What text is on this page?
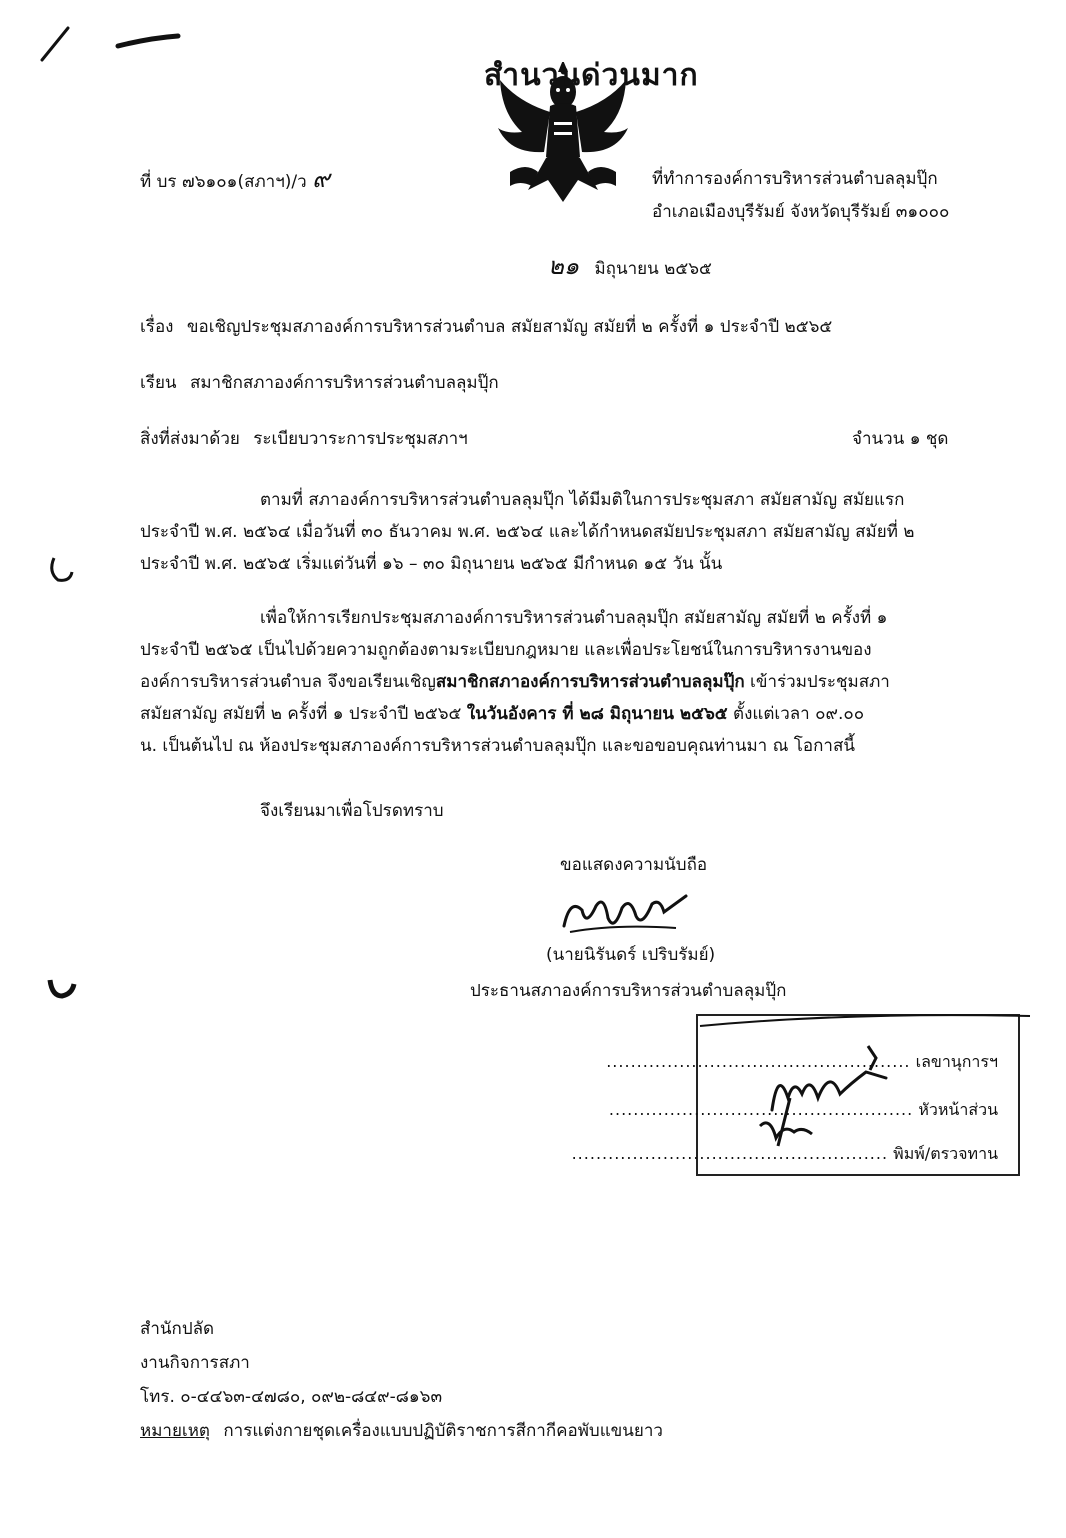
สำนวนด่วนมาก
ที่ บร ๗๖๑๐๑(สภาฯ)/ว ๙	ที่ทำการองค์การบริหารส่วนตำบลลุมปุ๊ก
อำเภอเมืองบุรีรัมย์ จังหวัดบุรีรัมย์ ๓๑๐๐๐
๒๑ มิถุนายน ๒๕๖๕
เรื่อง ขอเชิญประชุมสภาองค์การบริหารส่วนตำบล สมัยสามัญ สมัยที่ ๒ ครั้งที่ ๑ ประจำปี ๒๕๖๕
เรียน สมาชิกสภาองค์การบริหารส่วนตำบลลุมปุ๊ก
สิ่งที่ส่งมาด้วย ระเบียบวาระการประชุมสภาฯ	จำนวน ๑ ชุด
ตามที่ สภาองค์การบริหารส่วนตำบลลุมปุ๊ก ได้มีมติในการประชุมสภา สมัยสามัญ สมัยแรก
ประจำปี พ.ศ. ๒๕๖๔ เมื่อวันที่ ๓๐ ธันวาคม พ.ศ. ๒๕๖๔ และได้กำหนดสมัยประชุมสภา สมัยสามัญ สมัยที่ ๒
ประจำปี พ.ศ. ๒๕๖๕ เริ่มแต่วันที่ ๑๖ – ๓๐ มิถุนายน ๒๕๖๕ มีกำหนด ๑๕ วัน นั้น
เพื่อให้การเรียกประชุมสภาองค์การบริหารส่วนตำบลลุมปุ๊ก สมัยสามัญ สมัยที่ ๒ ครั้งที่ ๑
ประจำปี ๒๕๖๕ เป็นไปด้วยความถูกต้องตามระเบียบกฎหมาย และเพื่อประโยชน์ในการบริหารงานของ
องค์การบริหารส่วนตำบล จึงขอเรียนเชิญสมาชิกสภาองค์การบริหารส่วนตำบลลุมปุ๊ก เข้าร่วมประชุมสภา
สมัยสามัญ สมัยที่ ๒ ครั้งที่ ๑ ประจำปี ๒๕๖๕ ในวันอังคาร ที่ ๒๘ มิถุนายน ๒๕๖๕ ตั้งแต่เวลา ๐๙.๐๐
น. เป็นต้นไป ณ ห้องประชุมสภาองค์การบริหารส่วนตำบลลุมปุ๊ก และขอขอบคุณท่านมา ณ โอกาสนี้
จึงเรียนมาเพื่อโปรดทราบ
ขอแสดงความนับถือ
(นายนิรันดร์ เปริบรัมย์)
ประธานสภาองค์การบริหารส่วนตำบลลุมปุ๊ก
.................................................. เลขานุการฯ
.................................................. หัวหน้าส่วน
.................................................... พิมพ์/ตรวจทาน
สำนักปลัด
งานกิจการสภา
โทร. ๐-๔๔๖๓-๔๗๘๐, ๐๙๒-๘๔๙-๘๑๖๓
หมายเหตุ การแต่งกายชุดเครื่องแบบปฏิบัติราชการสีกากีคอพับแขนยาว
